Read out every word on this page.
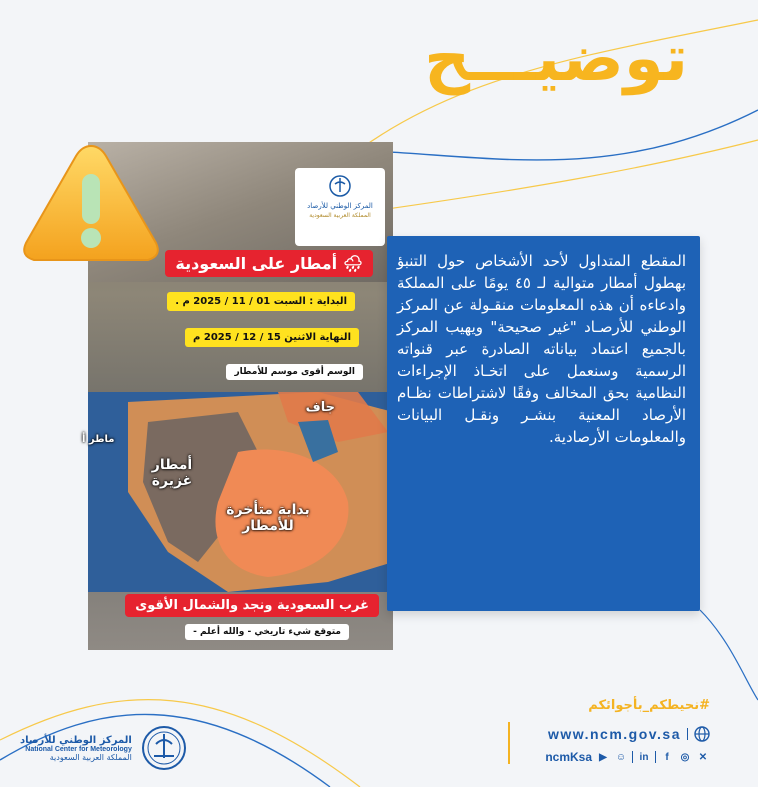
توضيـــح
المركز الوطني للأرصاد
المملكة العربية السعودية
🌧 أمطار على السعودية
البداية : السبت 01 / 11 / 2025 م .
النهاية الاثنين 15 / 12 / 2025 م
الوسم أقوى موسم للأمطار
جاف
أمطار غزيرة
بداية متأخرة للأمطار
ماطر أ
غرب السعودية ونجد والشمال الأقوى
متوقع شيء تاريخي - والله أعلم -

المقطع المتداول لأحد الأشخاص حول التنبؤ بهطول أمطار متوالية لـ ٤٥ يومًا على المملكة وادعاءه أن هذه المعلومات منقـولة عن المركز الوطني للأرصـاد "غير صحيحة" ويهيب المركز بالجميع اعتماد بياناته الصادرة عبر قنواته الرسمية وسنعمل على اتخـاذ الإجراءات النظامية بحق المخالف وفقًا لاشتراطات نظـام الأرصاد المعنية بنشـر ونقـل البيانات والمعلومات الأرصادية.

المركز الوطني للأرصاد
National Center for Meteorology
المملكة العربية السعودية
#نحيطكم_بأجوائكم
www.ncm.gov.sa
ncmKsa ▶ ☺ in	f	◎ ✕
